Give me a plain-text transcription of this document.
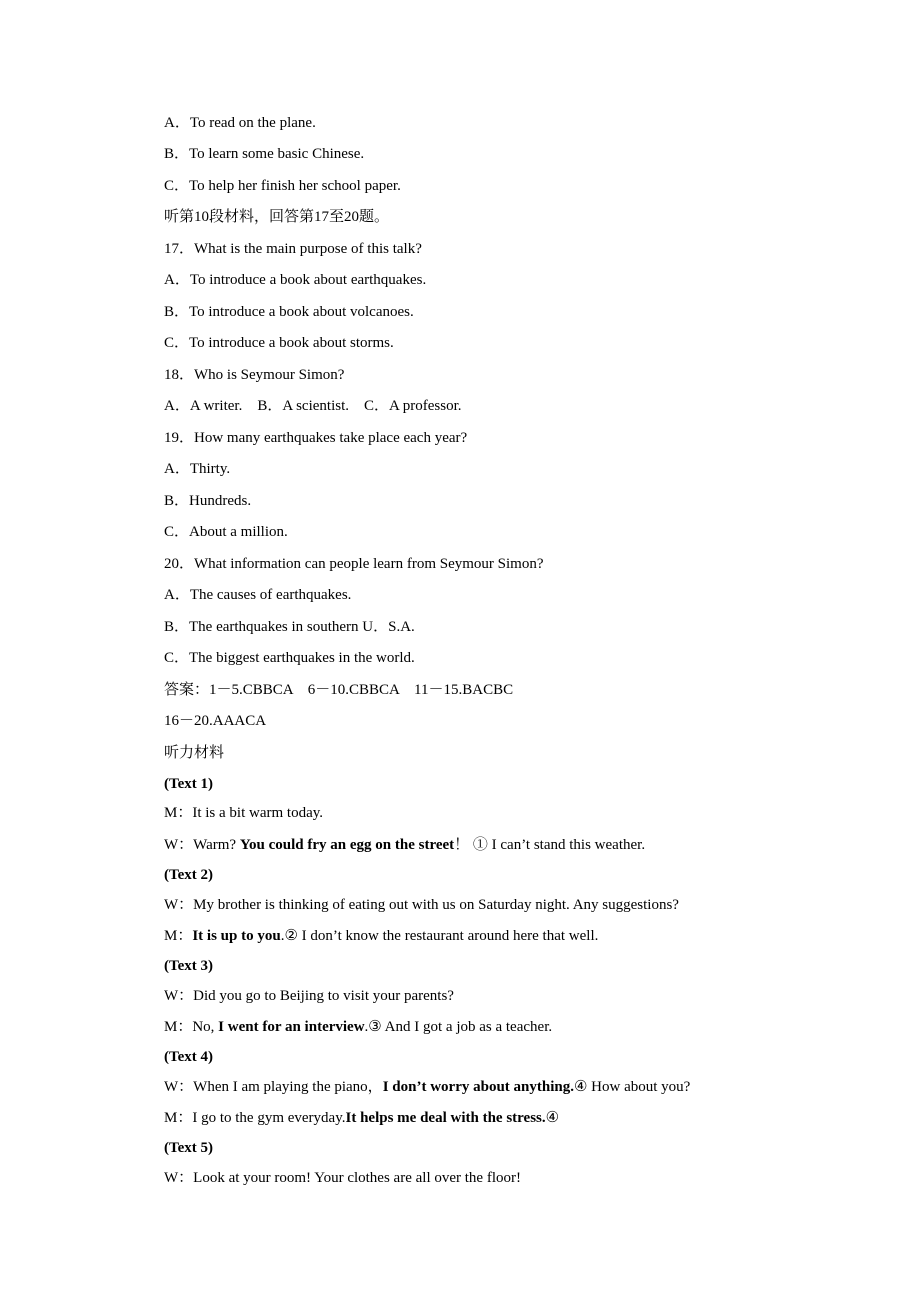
A．To read on the plane.
B．To learn some basic Chinese.
C．To help her finish her school paper.
听第10段材料，回答第17至20题。
17．What is the main purpose of this talk?
A．To introduce a book about earthquakes.
B．To introduce a book about volcanoes.
C．To introduce a book about storms.
18．Who is Seymour Simon?
A．A writer.    B．A scientist.    C．A professor.
19．How many earthquakes take place each year?
A．Thirty.
B．Hundreds.
C．About a million.
20．What information can people learn from Seymour Simon?
A．The causes of earthquakes.
B．The earthquakes in southern U．S.A.
C．The biggest earthquakes in the world.
答案：1－5.CBBCA    6－10.CBBCA    11－15.BACBC
16－20.AAACA
听力材料
(Text 1)
M：It is a bit warm today.
W：Warm? You could fry an egg on the street！ ① I can’t stand this weather.
(Text 2)
W：My brother is thinking of eating out with us on Saturday night. Any suggestions?
M：It is up to you.② I don’t know the restaurant around here that well.
(Text 3)
W：Did you go to Beijing to visit your parents?
M：No, I went for an interview.③ And I got a job as a teacher.
(Text 4)
W：When I am playing the piano，I don’t worry about anything.④ How about you?
M：I go to the gym everyday.It helps me deal with the stress.④
(Text 5)
W：Look at your room! Your clothes are all over the floor!
